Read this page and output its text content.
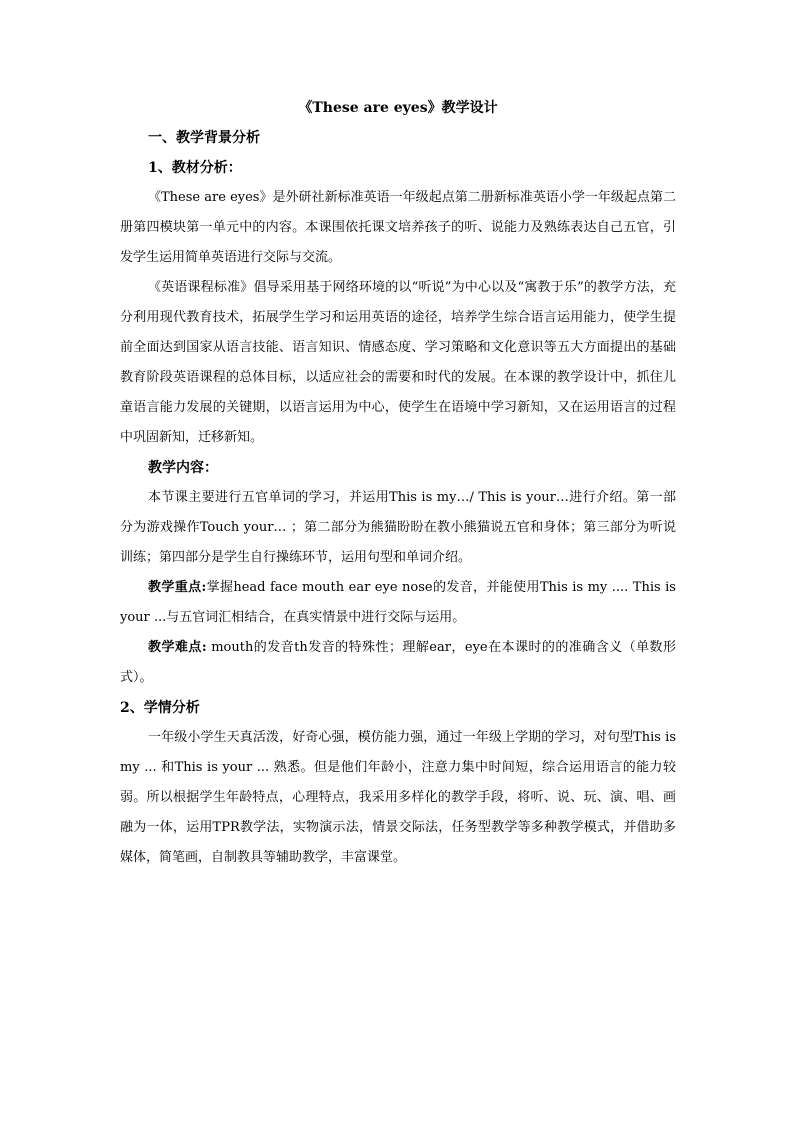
《These are eyes》教学设计

一、教学背景分析

1、教材分析：

《These are eyes》是外研社新标准英语一年级起点第二册新标准英语小学一年级起点第二册第四模块第一单元中的内容。本课围依托课文培养孩子的听、说能力及熟练表达自己五官，引发学生运用简单英语进行交际与交流。

《英语课程标准》倡导采用基于网络环境的以“听说”为中心以及“寓教于乐”的教学方法，充分利用现代教育技术，拓展学生学习和运用英语的途径，培养学生综合语言运用能力，使学生提前全面达到国家从语言技能、语言知识、情感态度、学习策略和文化意识等五大方面提出的基础教育阶段英语课程的总体目标，以适应社会的需要和时代的发展。在本课的教学设计中，抓住儿童语言能力发展的关键期，以语言运用为中心，使学生在语境中学习新知，又在运用语言的过程中巩固新知，迁移新知。

教学内容：

本节课主要进行五官单词的学习，并运用This is my…/ This is your…进行介绍。第一部分为游戏操作Touch your… ；第二部分为熊猫盼盼在教小熊猫说五官和身体；第三部分为听说训练；第四部分是学生自行操练环节，运用句型和单词介绍。

教学重点:掌握head face mouth ear eye nose的发音，并能使用This is my .... This is your ...与五官词汇相结合，在真实情景中进行交际与运用。

教学难点: mouth的发音th发音的特殊性；理解ear，eye在本课时的的准确含义（单数形式）。

2、学情分析

一年级小学生天真活泼，好奇心强，模仿能力强，通过一年级上学期的学习，对句型This is my ... 和This is your ... 熟悉。但是他们年龄小，注意力集中时间短，综合运用语言的能力较弱。所以根据学生年龄特点，心理特点，我采用多样化的教学手段，将听、说、玩、演、唱、画融为一体，运用TPR教学法，实物演示法，情景交际法，任务型教学等多种教学模式，并借助多媒体，简笔画，自制教具等辅助教学，丰富课堂。
